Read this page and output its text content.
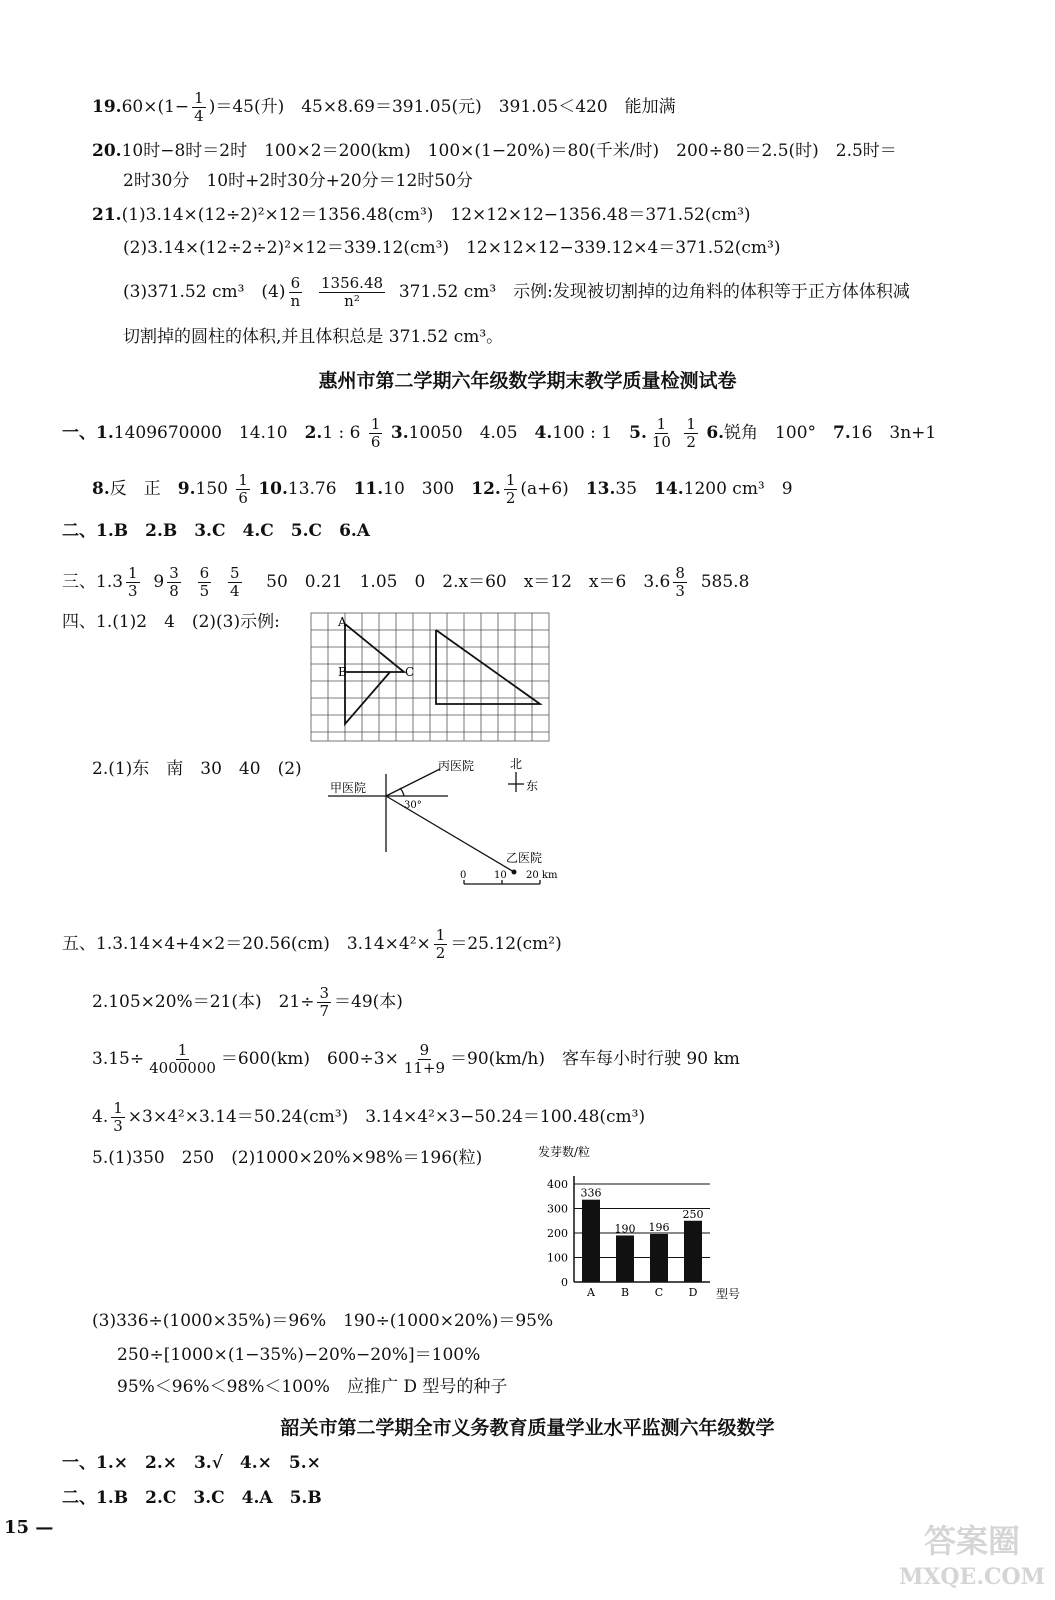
$19.60\times(1- \frac{1}{4} )=45$(升)　45×8.69＝391.05(元)　391.05＜420　能加满
20.10时−8时＝2时　100×2＝200(km)　100×(1−20%)＝80(千米/时)　200÷80＝2.5(时)　2.5时＝
2时30分　10时+2时30分+20分＝12时50分
21.(1)3.14×(12÷2)²×12＝1356.48(cm³)　12×12×12−1356.48＝371.52(cm³)
(2)3.14×(12÷2÷2)²×12＝339.12(cm³)　12×12×12−339.12×4＝371.52(cm³)
(3)371.52 cm³　$(4) \frac{6}{n}$
$\frac{1356.48}{\text{n²}} 371.52$ cm³　示例:发现被切割掉的边角料的体积等于正方体体积减
切割掉的圆柱的体积,并且体积总是 371.52 cm³。
惠州市第二学期六年级数学期末教学质量检测试卷
一、1.1409670000　14.10　2.1 : $6 \frac{1}{6} 3.10050$　4.05　4.100 : 1　5. $\frac{1}{10}$
$\frac{1}{2} 6$.锐角　100°　7.16　3n+1
8.反　正　$9.150 \frac{1}{6} 10.13.76$　11.10　300　12. $\frac{1}{2} (a+6)$　13.35　14.1200 cm³　9
二、1.B　2.B　3.C　4.C　5.C　6.A
三、$1.3 \frac{1}{3} 9 \frac{3}{8}$
$\frac{6}{5}$
$\frac{5}{4} 50$　0.21　1.05　0　2.x＝60　x＝12　x＝6　$3.6 \frac{8}{3} 585.8$
四、1.(1)2　4　(2)(3)示例:	A
B	C
2.(1)东　南　30　40　(2)
甲医院
丙医院
乙医院
北
东
30°
0	10 20 km
五、1.3.14×4+4×2＝20.56(cm)　$3.14\times 4^2\times \frac{1}{2} =25.12(cm^2)$
2.105×20%＝21(本)　$21\div \frac{3}{7} =49$(本)
$3.15\div \frac{1}{4000000} =600(km)$　$600\div 3\times \frac{9}{11+9} =90(km/h)$　客车每小时行驶 90 km
4. $\frac{1}{3} \times 3\times 4^2\times 3.14=50.24(cm^3)$　3.14×4²×3−50.24＝100.48(cm³)
5.(1)350　250　(2)1000×20%×98%＝196(粒)	发芽数/粒
型号
0
100
200
300
400
336
A
190
B
196
C
250
D
(3)336÷(1000×35%)＝96%　190÷(1000×20%)＝95%
250÷[1000×(1−35%)−20%−20%]＝100%
95%＜96%＜98%＜100%　应推广 D 型号的种子
韶关市第二学期全市义务教育质量学业水平监测六年级数学
一、1.×　2.×　3.√　4.×　5.×
二、1.B　2.C　3.C　4.A　5.B
15 —	答案圈
MXQE.COM
